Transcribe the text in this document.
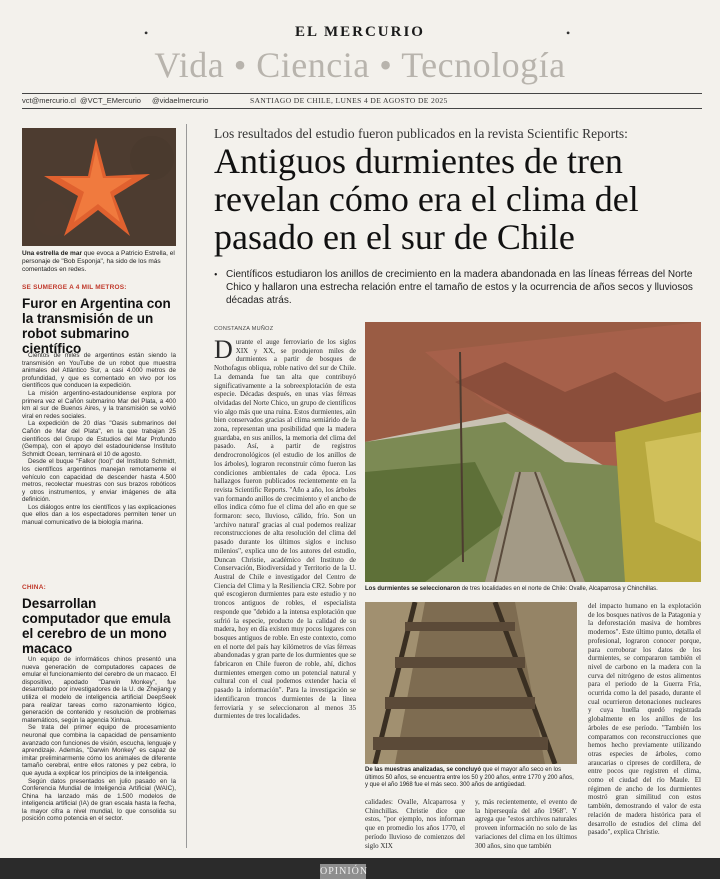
•	EL MERCURIO	•
Vida • Ciencia • Tecnología
vct@mercurio.cl @VCT_EMercurio @vidaelmercurio	SANTIAGO DE CHILE, LUNES 4 DE AGOSTO DE 2025
Una estrella de mar que evoca a Patricio Estrella, el personaje de "Bob Esponja", ha sido de los más comentados en redes.
SE SUMERGE A 4 MIL METROS:
Furor en Argentina con la transmisión de un robot submarino científico

Cientos de miles de argentinos están siendo la transmisión en YouTube de un robot que muestra animales del Atlántico Sur, a casi 4.000 metros de profundidad, y que es comentado en vivo por los científicos que conducen la expedición.

La misión argentino-estadounidense explora por primera vez el Cañón submarino Mar del Plata, a 400 km al sur de Buenos Aires, y la transmisión se volvió viral en redes sociales.

La expedición de 20 días "Oasis submarinos del Cañón de Mar del Plata", en la que trabajan 25 científicos del Grupo de Estudios del Mar Profundo (Gempa), con el apoyo del estadounidense Instituto Schmidt Ocean, terminará el 10 de agosto.

Desde el buque "Falkor (too)" del Instituto Schmidt, los científicos argentinos manejan remotamente el vehículo con capacidad de descender hasta 4.500 metros, recolectar muestras con sus brazos robóticos y otros instrumentos, y enviar imágenes de alta definición.

Los diálogos entre los científicos y las explicaciones que ellos dan a los espectadores permiten tener un manual comunicativo de la biología marina.

CHINA:
Desarrollan computador que emula el cerebro de un mono macaco

Un equipo de informáticos chinos presentó una nueva generación de computadores capaces de emular el funcionamiento del cerebro de un macaco. El dispositivo, apodado "Darwin Monkey", fue desarrollado por investigadores de la U. de Zhejiang y utiliza el modelo de inteligencia artificial DeepSeek para realizar tareas como razonamiento lógico, generación de contenido y resolución de problemas matemáticos, según la agencia Xinhua.

Se trata del primer equipo de procesamiento neuronal que combina la capacidad de pensamiento avanzado con funciones de visión, escucha, lenguaje y aprendizaje. Además, "Darwin Monkey" es capaz de imitar preliminarmente cómo los animales de diferente tamaño cerebral, entre ellos ratones y pez cebra, lo que ayuda a explicar los principios de la inteligencia.

Según datos presentados en julio pasado en la Conferencia Mundial de Inteligencia Artificial (WAIC), China ha lanzado más de 1.500 modelos de inteligencia artificial (IA) de gran escala hasta la fecha, la mayor cifra a nivel mundial, lo que consolida su posición como potencia en el sector.

Los resultados del estudio fueron publicados en la revista Scientific Reports:
Antiguos durmientes de tren revelan cómo era el clima del pasado en el sur de Chile
• Científicos estudiaron los anillos de crecimiento en la madera abandonada en las líneas férreas del Norte Chico y hallaron una estrecha relación entre el tamaño de estos y la ocurrencia de años secos y lluviosos décadas atrás.
CONSTANZA MUÑOZ
Durante el auge ferroviario de los siglos XIX y XX, se produjeron miles de durmientes a partir de bosques de Nothofagus obliqua, roble nativo del sur de Chile. La demanda fue tan alta que contribuyó significativamente a la sobreexplotación de esta especie. Décadas después, en unas vías férreas olvidadas del Norte Chico, un grupo de científicos vio algo más que una ruina. Estos durmientes, aún bien conservados gracias al clima semiárido de la zona, representan una posibilidad que la madera guardaba, en sus anillos, la memoria del clima del pasado. Así, a partir de registros dendrocronológicos (el estudio de los anillos de los árboles), lograron reconstruir cómo fueron las condiciones ambientales de cada época. Los hallazgos fueron publicados recientemente en la revista Scientific Reports. "Año a año, los árboles van formando anillos de crecimiento y el ancho de ellos indica cómo fue el clima del año en que se formaron: seco, lluvioso, cálido, frío. Son un 'archivo natural' gracias al cual podemos realizar reconstrucciones de alta resolución del clima del pasado durante los últimos siglos e incluso milenios", explica uno de los autores del estudio, Duncan Christie, académico del Instituto de Conservación, Biodiversidad y Territorio de la U. Austral de Chile e investigador del Centro de Ciencia del Clima y la Resiliencia CR2. Sobre por qué escogieron durmientes para este estudio y no troncos antiguos de robles, el especialista responde que "debido a la intensa explotación que sufrió la especie, producto de la calidad de su madera, hoy en día existen muy pocos lugares con bosques antiguos de roble. En este contexto, como en el norte del país hay kilómetros de vías férreas abandonadas y gran parte de los durmientes que se fabricaron en Chile fueron de roble, ahí, dichos durmientes emergen como un potencial natural y cultural con el cual podemos extender hacia el pasado la información". Para la investigación se identificaron troncos durmientes de la línea ferroviaria y se seleccionaron al menos 35 durmientes de tres localidades.
Los durmientes se seleccionaron de tres localidades en el norte de Chile: Ovalle, Alcaparrosa y Chinchillas.
De las muestras analizadas, se concluyó que el mayor año seco en los últimos 50 años, se encuentra entre los 50 y 200 años, entre 1770 y 200 años, y que el año 1968 fue el más seco. 300 años de antigüedad.
calidades: Ovalle, Alcaparrosa y Chinchillas. Christie dice que estos, "por ejemplo, nos informan que en promedio los años 1770, el período lluvioso de comienzos del siglo XIX
y, más recientemente, el evento de la hipersequía del año 1968". Y agrega que "estos archivos naturales proveen información no solo de las variaciones del clima en los últimos 300 años, sino que también
del impacto humano en la explotación de los bosques nativos de la Patagonia y la deforestación masiva de hombres modernos". Este último punto, detalla el profesional, lograron conocer porque, para corroborar los datos de los durmientes, se compararon también el nivel de carbono en la madera con la curva del nitrógeno de estos alimentos para el periodo de la Guerra Fría, ocurrida como la del pasado, durante el cual ocurrieron detonaciones nucleares y cuya huella quedó registrada globalmente en los anillos de los árboles de ese período. "También los comparamos con reconstrucciones que hemos hecho previamente utilizando otras especies de árboles, como araucarias o cipreses de cordillera, de entre pocos que registren el clima, como el ciudad del río Maule. El régimen de ancho de los durmientes mostró gran similitud con estos también, demostrando el valor de esta relación de madera histórica para el desarrollo de estudios del clima del pasado", explica Christie.
OPINIÓN
